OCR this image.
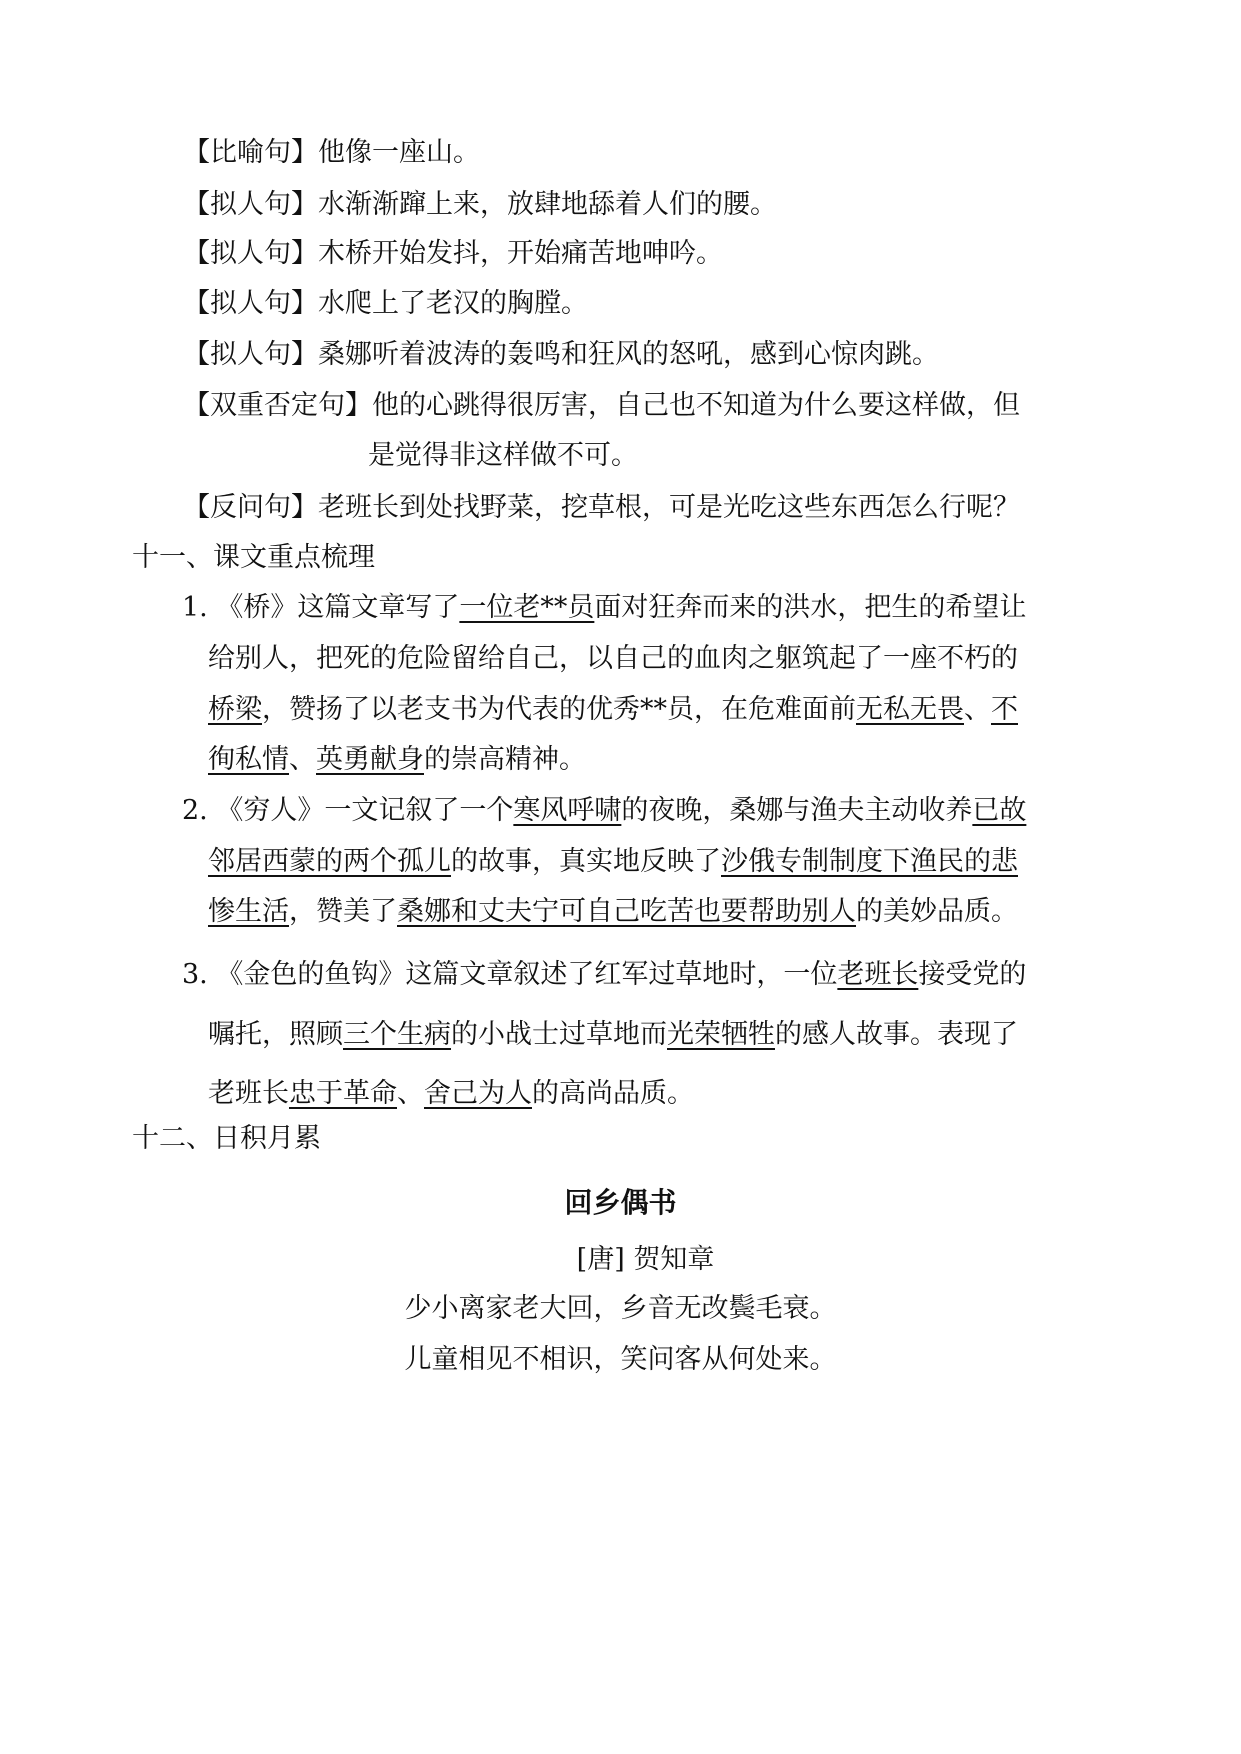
【比喻句】他像一座山。
【拟人句】水渐渐蹿上来，放肆地舔着人们的腰。
【拟人句】木桥开始发抖，开始痛苦地呻吟。
【拟人句】水爬上了老汉的胸膛。
【拟人句】桑娜听着波涛的轰鸣和狂风的怒吼，感到心惊肉跳。
【双重否定句】他的心跳得很厉害，自己也不知道为什么要这样做，但
是觉得非这样做不可。
【反问句】老班长到处找野菜，挖草根，可是光吃这些东西怎么行呢？
十一、课文重点梳理
1. 《桥》这篇文章写了一位老**员面对狂奔而来的洪水，把生的希望让
给别人，把死的危险留给自己，以自己的血肉之躯筑起了一座不朽的
桥梁，赞扬了以老支书为代表的优秀**员，在危难面前无私无畏、不
徇私情、英勇献身的崇高精神。
2. 《穷人》一文记叙了一个寒风呼啸的夜晚，桑娜与渔夫主动收养已故
邻居西蒙的两个孤儿的故事，真实地反映了沙俄专制制度下渔民的悲
惨生活，赞美了桑娜和丈夫宁可自己吃苦也要帮助别人的美妙品质。
3. 《金色的鱼钩》这篇文章叙述了红军过草地时，一位老班长接受党的
嘱托，照顾三个生病的小战士过草地而光荣牺牲的感人故事。表现了
老班长忠于革命、舍己为人的高尚品质。
十二、日积月累
回乡偶书
[唐] 贺知章
少小离家老大回，乡音无改鬓毛衰。
儿童相见不相识，笑问客从何处来。
